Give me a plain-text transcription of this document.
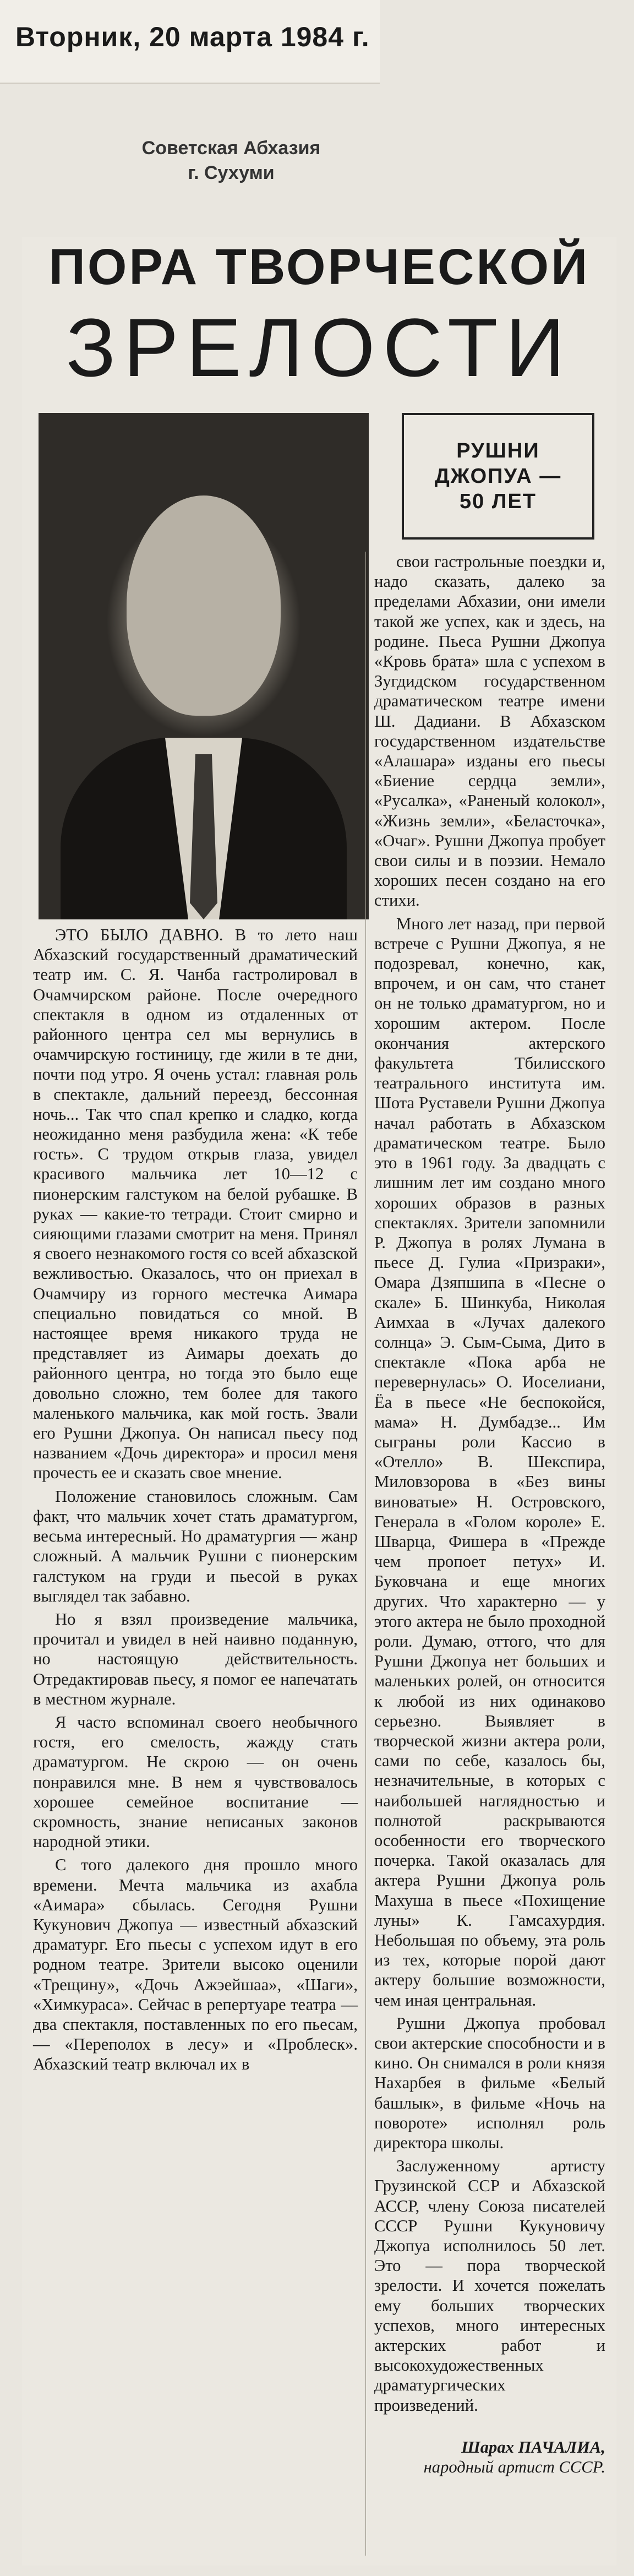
Вторник, 20 марта 1984 г.
Советская Абхазия
г. Сухуми
ПОРА ТВОРЧЕСКОЙ
ЗРЕЛОСТИ
РУШНИ
ДЖОПУА —
50 ЛЕТ

свои гастрольные поездки и, надо сказать, далеко за пределами Абхазии, они имели такой же успех, как и здесь, на родине. Пьеса Рушни Джопуа «Кровь брата» шла с успехом в Зугдидском государственном драматическом театре имени Ш. Дадиани. В Абхазском государственном издательстве «Алашара» изданы его пьесы «Биение сердца земли», «Русалка», «Раненый колокол», «Жизнь земли», «Беласточка», «Очаг». Рушни Джопуа пробует свои силы и в поэзии. Немало хороших песен создано на его стихи.

Много лет назад, при первой встрече с Рушни Джопуа, я не подозревал, конечно, как, впрочем, и он сам, что станет он не только драматургом, но и хорошим актером. После окончания актерского факультета Тбилисского театрального института им. Шота Руставели Рушни Джопуа начал работать в Абхазском драматическом театре. Было это в 1961 году. За двадцать с лишним лет им создано много хороших образов в разных спектаклях. Зрители запомнили Р. Джопуа в ролях Лумана в пьесе Д. Гулиа «Призраки», Омара Дзяпшипа в «Песне о скале» Б. Шинкуба, Николая Аимхаа в «Лучах далекого солнца» Э. Сым-Сыма, Дито в спектакле «Пока арба не перевернулась» О. Иоселиани, Ёа в пьесе «Не беспокойся, мама» Н. Думбадзе... Им сыграны роли Кассио в «Отелло» В. Шекспира, Миловзорова в «Без вины виноватые» Н. Островского, Генерала в «Голом короле» Е. Шварца, Фишера в «Прежде чем пропоет петух» И. Буковчана и еще многих других. Что характерно — у этого актера не было проходной роли. Думаю, оттого, что для Рушни Джопуа нет больших и маленьких ролей, он относится к любой из них одинаково серьезно. Выявляет в творческой жизни актера роли, сами по себе, казалось бы, незначительные, в которых с наибольшей наглядностью и полнотой раскрываются особенности его творческого почерка. Такой оказалась для актера Рушни Джопуа роль Махуша в пьесе «Похищение луны» К. Гамсахурдия. Небольшая по объему, эта роль из тех, которые порой дают актеру большие возможности, чем иная центральная.

Рушни Джопуа пробовал свои актерские способности и в кино. Он снимался в роли князя Нахарбея в фильме «Белый башлык», в фильме «Ночь на повороте» исполнял роль директора школы.

Заслуженному артисту Грузинской ССР и Абхазской АССР, члену Союза писателей СССР Рушни Кукуновичу Джопуа исполнилось 50 лет. Это — пора творческой зрелости. И хочется пожелать ему больших творческих успехов, много интересных актерских работ и высокохудожественных драматургических произведений.

Шарах ПАЧАЛИА,
народный артист СССР.

ЭТО БЫЛО ДАВНО. В то лето наш Абхазский государственный драматический театр им. С. Я. Чанба гастролировал в Очамчирском районе. После очередного спектакля в одном из отдаленных от районного центра сел мы вернулись в очамчирскую гостиницу, где жили в те дни, почти под утро. Я очень устал: главная роль в спектакле, дальний переезд, бессонная ночь... Так что спал крепко и сладко, когда неожиданно меня разбудила жена: «К тебе гость». С трудом открыв глаза, увидел красивого мальчика лет 10—12 с пионерским галстуком на белой рубашке. В руках — какие-то тетради. Стоит смирно и сияющими глазами смотрит на меня. Принял я своего незнакомого гостя со всей абхазской вежливостью. Оказалось, что он приехал в Очамчиру из горного местечка Аимара специально повидаться со мной. В настоящее время никакого труда не представляет из Аимары доехать до районного центра, но тогда это было еще довольно сложно, тем более для такого маленького мальчика, как мой гость. Звали его Рушни Джопуа. Он написал пьесу под названием «Дочь директора» и просил меня прочесть ее и сказать свое мнение.

Положение становилось сложным. Сам факт, что мальчик хочет стать драматургом, весьма интересный. Но драматургия — жанр сложный. А мальчик Рушни с пионерским галстуком на груди и пьесой в руках выглядел так забавно.

Но я взял произведение мальчика, прочитал и увидел в ней наивно поданную, но настоящую действительность. Отредактировав пьесу, я помог ее напечатать в местном журнале.

Я часто вспоминал своего необычного гостя, его смелость, жажду стать драматургом. Не скрою — он очень понравился мне. В нем я чувствовалось хорошее семейное воспитание — скромность, знание неписаных законов народной этики.

С того далекого дня прошло много времени. Мечта мальчика из ахабла «Аимара» сбылась. Сегодня Рушни Кукунович Джопуа — известный абхазский драматург. Его пьесы с успехом идут в его родном театре. Зрители высоко оценили «Трещину», «Дочь Ажэейшаа», «Шаги», «Химкураса». Сейчас в репертуаре театра — два спектакля, поставленных по его пьесам, — «Переполох в лесу» и «Проблеск». Абхазский театр включал их в
